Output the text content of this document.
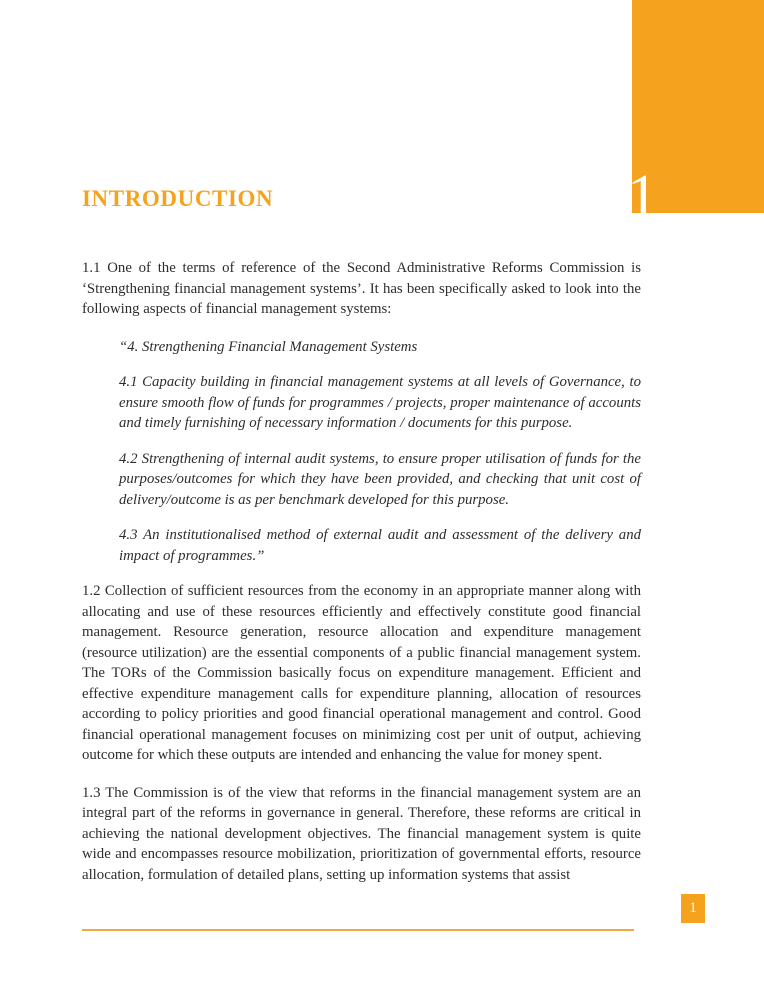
1
INTRODUCTION

1.1 One of the terms of reference of the Second Administrative Reforms Commission is ‘Strengthening financial management systems’. It has been specifically asked to look into the following aspects of financial management systems:

“4. Strengthening Financial Management Systems

4.1 Capacity building in financial management systems at all levels of Governance, to ensure smooth flow of funds for programmes / projects, proper maintenance of accounts and timely furnishing of necessary information / documents for this purpose.

4.2 Strengthening of internal audit systems, to ensure proper utilisation of funds for the purposes/outcomes for which they have been provided, and checking that unit cost of delivery/outcome is as per benchmark developed for this purpose.

4.3 An institutionalised method of external audit and assessment of the delivery and impact of programmes.”

1.2 Collection of sufficient resources from the economy in an appropriate manner along with allocating and use of these resources efficiently and effectively constitute good financial management. Resource generation, resource allocation and expenditure management (resource utilization) are the essential components of a public financial management system. The TORs of the Commission basically focus on expenditure management. Efficient and effective expenditure management calls for expenditure planning, allocation of resources according to policy priorities and good financial operational management and control. Good financial operational management focuses on minimizing cost per unit of output, achieving outcome for which these outputs are intended and enhancing the value for money spent.

1.3 The Commission is of the view that reforms in the financial management system are an integral part of the reforms in governance in general. Therefore, these reforms are critical in achieving the national development objectives. The financial management system is quite wide and encompasses resource mobilization, prioritization of governmental efforts, resource allocation, formulation of detailed plans, setting up information systems that assist

1
